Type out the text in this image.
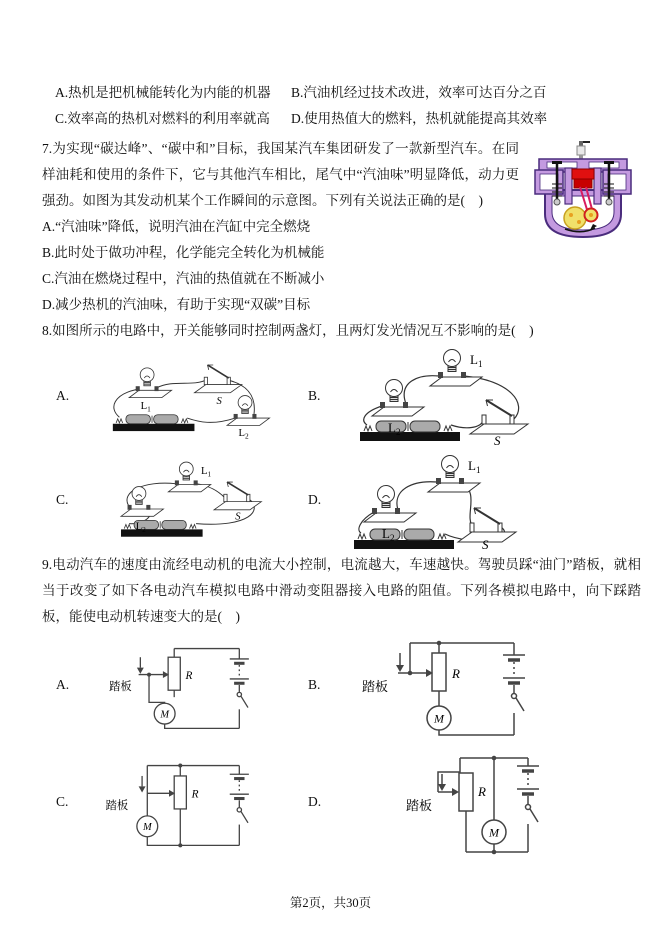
A.热机是把机械能转化为内能的机器	B.汽油机经过技术改进，效率可达百分之百
C.效率高的热机对燃料的利用率就高	D.使用热值大的燃料，热机就能提高其效率
7.为实现“碳达峰”、“碳中和”目标，我国某汽车集团研发了一款新型汽车。在同样油耗和使用的条件下，它与其他汽车相比，尾气中“汽油味”明显降低，动力更强劲。如图为其发动机某个工作瞬间的示意图。下列有关说法正确的是(　)
A.“汽油味”降低，说明汽油在汽缸中完全燃烧
B.此时处于做功冲程，化学能完全转化为机械能
C.汽油在燃烧过程中，汽油的热值就在不断减小
D.减少热机的汽油味，有助于实现“双碳”目标
8.如图所示的电路中，开关能够同时控制两盏灯，且两灯发光情况互不影响的是(　)
A.
$L_1$
S
$L_2$
B.
$L_1$
$L_2$
S
C.
$L_1$
$L_2$
S
D.
$L_1$
$L_2$	S
9.电动汽车的速度由流经电动机的电流大小控制，电流越大，车速越快。驾驶员踩“油门”踏板，就相当于改变了如下各电动汽车模拟电路中滑动变阻器接入电路的阻值。下列各模拟电路中，向下踩踏板，能使电动机转速变大的是(　)
A.
R
踏板
M
B.
R
踏板
M
C.	R
踏板
M
D.
R
踏板
M
第2页，共30页
